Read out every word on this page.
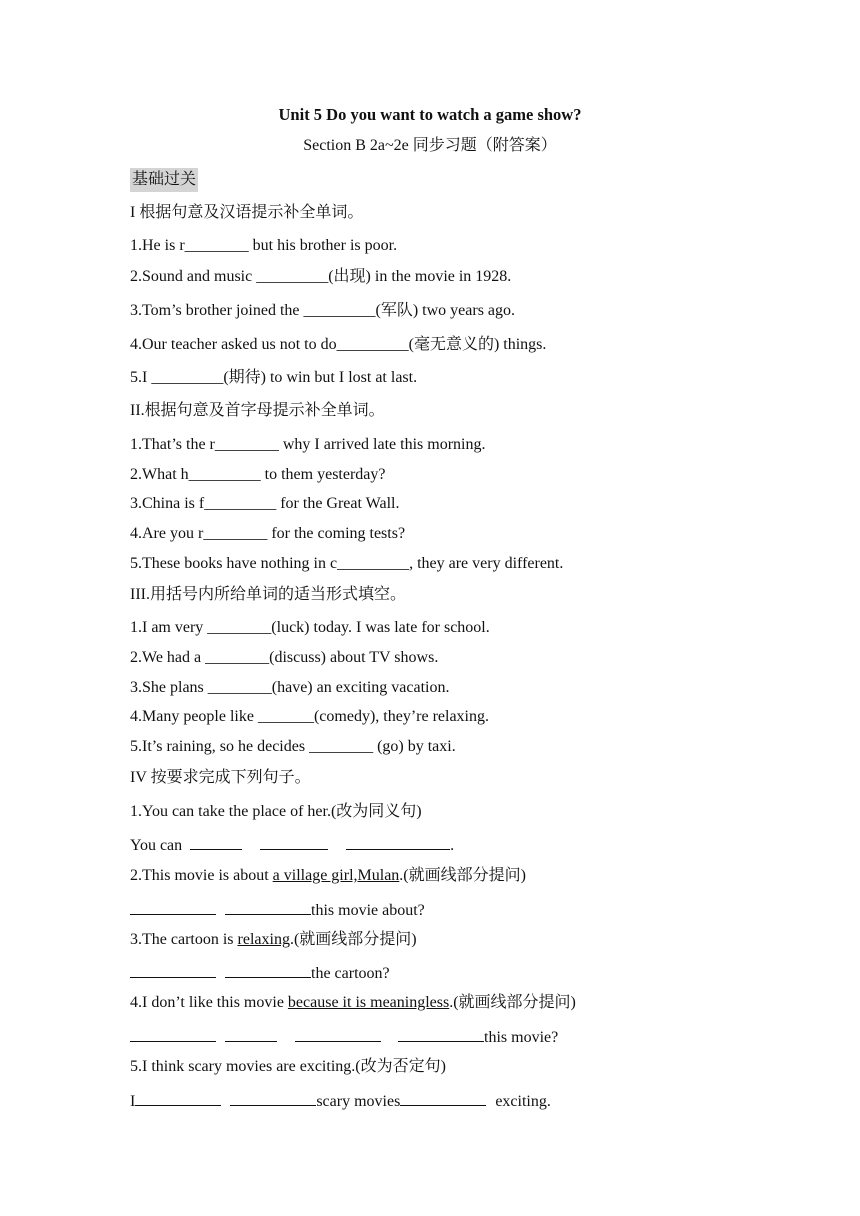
Unit 5 Do you want to watch a game show?
Section B 2a~2e 同步习题（附答案）
基础过关
I 根据句意及汉语提示补全单词。
1.He is r________ but his brother is poor.
2.Sound and music _________(出现) in the movie in 1928.
3.Tom’s brother joined the _________(军队) two years ago.
4.Our teacher asked us not to do_________(毫无意义的) things.
5.I _________(期待) to win but I lost at last.
II.根据句意及首字母提示补全单词。
1.That’s the r________ why I arrived late this morning.
2.What h_________ to them yesterday?
3.China is f_________ for the Great Wall.
4.Are you r________ for the coming tests?
5.These books have nothing in c_________, they are very different.
III.用括号内所给单词的适当形式填空。
1.I am very ________(luck) today. I was late for school.
2.We had a ________(discuss) about TV shows.
3.She plans ________(have) an exciting vacation.
4.Many people like _______(comedy), they’re relaxing.
5.It’s raining, so he decides ________ (go) by taxi.
IV 按要求完成下列句子。
1.You can take the place of her.(改为同义句)
You can	.
2.This movie is about a village girl,Mulan.(就画线部分提问)
this movie about?
3.The cartoon is relaxing.(就画线部分提问)
the cartoon?
4.I don’t like this movie because it is meaningless.(就画线部分提问)
this movie?
5.I think scary movies are exciting.(改为否定句)
I	scary movies	exciting.
